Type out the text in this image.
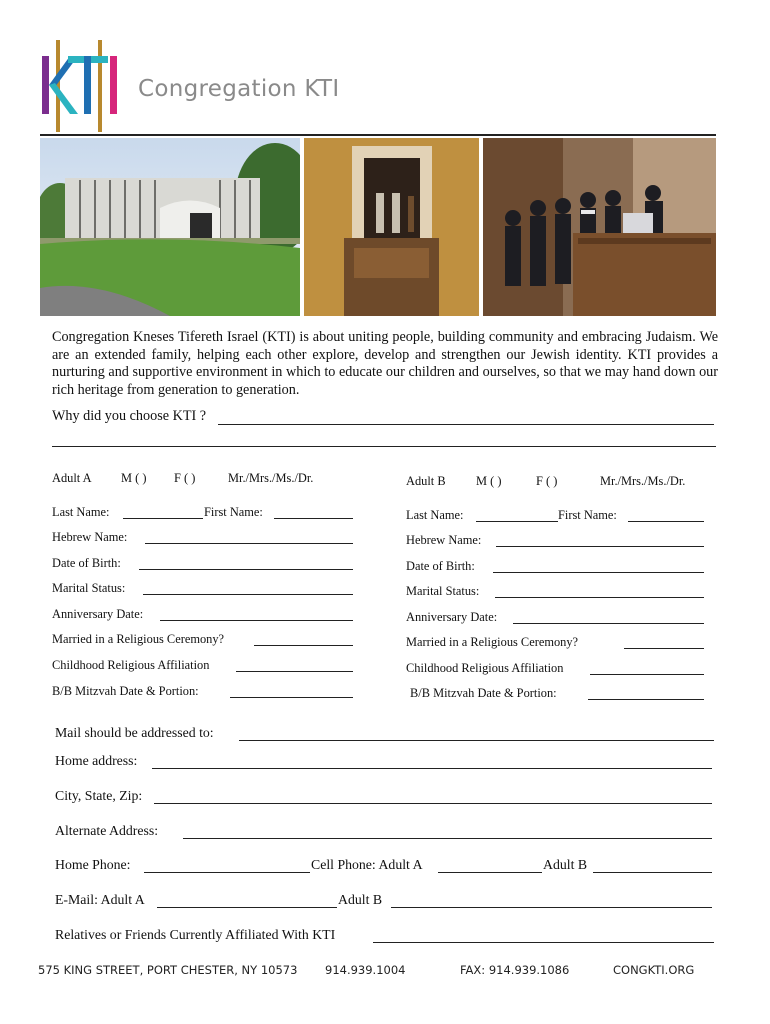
Congregation KTI
Congregation Kneses Tifereth Israel (KTI) is about uniting people, building community and embracing Judaism. We are an extended family, helping each other explore, develop and strengthen our Jewish identity. KTI provides a nurturing and supportive environment in which to educate our children and ourselves, so that we may hand down our rich heritage from generation to generation.
Why did you choose KTI ?
Adult A M ( ) F ( )	Mr./Mrs./Ms./Dr.
Last Name:	First Name:
Hebrew Name:
Date of Birth:
Marital Status:
Anniversary Date:
Married in a Religious Ceremony?
Childhood Religious Affiliation
B/B Mitzvah Date & Portion:
Adult B M ( )	F ( )	Mr./Mrs./Ms./Dr.
Last Name:	First Name:
Hebrew Name:
Date of Birth:
Marital Status:
Anniversary Date:
Married in a Religious Ceremony?
Childhood Religious Affiliation
B/B Mitzvah Date & Portion:
Mail should be addressed to:
Home address:
City, State, Zip:
Alternate Address:
Home Phone:	Cell Phone: Adult A	Adult B
E-Mail: Adult A	Adult B
Relatives or Friends Currently Affiliated With KTI
575 KING STREET, PORT CHESTER, NY 10573 914.939.1004	FAX: 914.939.1086	CONGKTI.ORG
